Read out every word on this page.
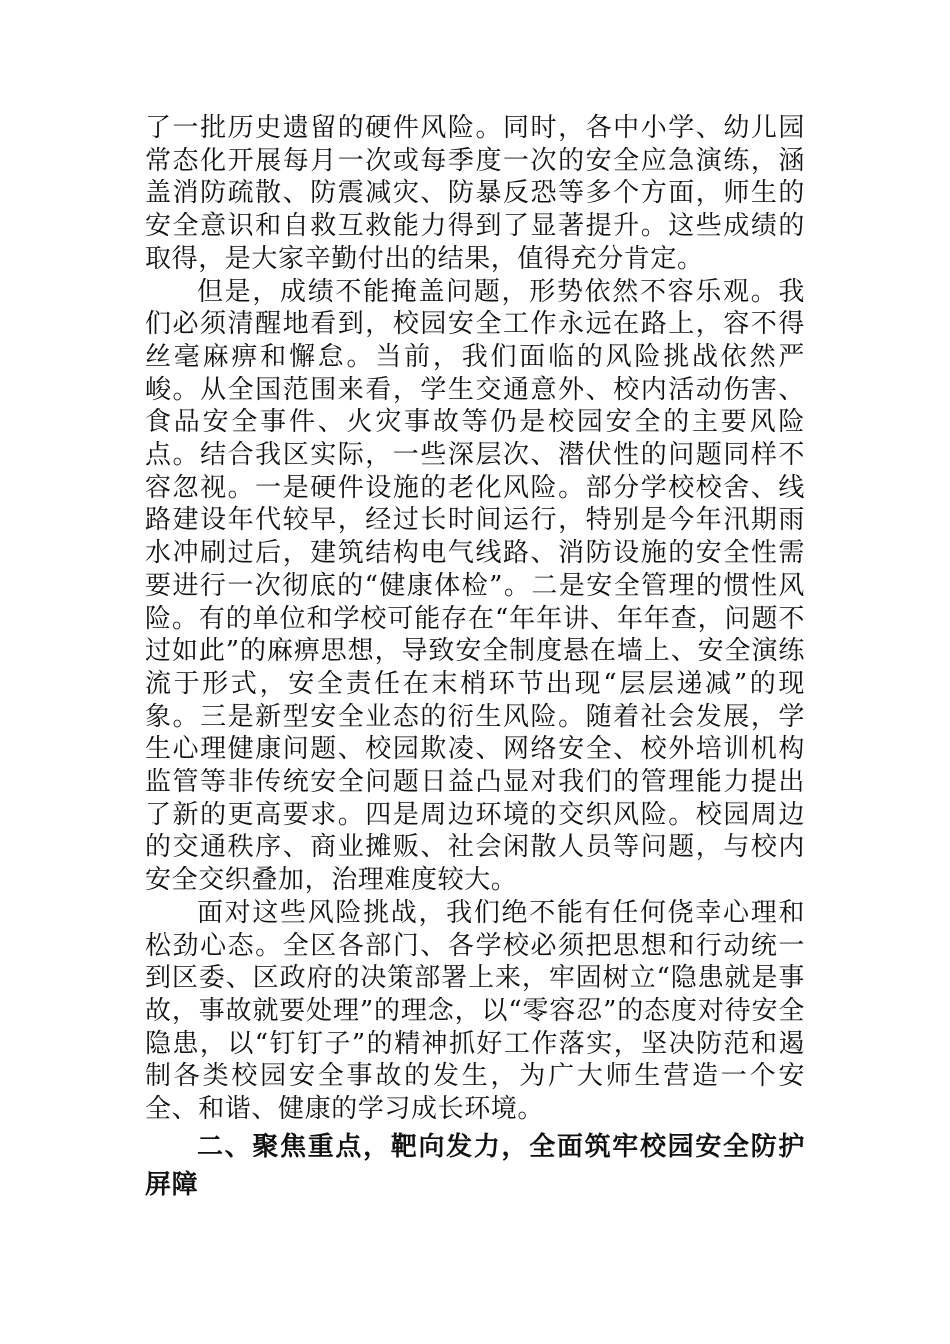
了一批历史遗留的硬件风险。同时，各中小学、幼儿园常态化开展每月一次或每季度一次的安全应急演练，涵盖消防疏散、防震减灾、防暴反恐等多个方面，师生的安全意识和自救互救能力得到了显著提升。这些成绩的取得，是大家辛勤付出的结果，值得充分肯定。

但是，成绩不能掩盖问题，形势依然不容乐观。我们必须清醒地看到，校园安全工作永远在路上，容不得丝毫麻痹和懈怠。当前，我们面临的风险挑战依然严峻。从全国范围来看，学生交通意外、校内活动伤害、食品安全事件、火灾事故等仍是校园安全的主要风险点。结合我区实际，一些深层次、潜伏性的问题同样不容忽视。一是硬件设施的老化风险。部分学校校舍、线路建设年代较早，经过长时间运行，特别是今年汛期雨水冲刷过后，建筑结构电气线路、消防设施的安全性需要进行一次彻底的“健康体检”。二是安全管理的惯性风险。有的单位和学校可能存在“年年讲、年年查，问题不过如此”的麻痹思想，导致安全制度悬在墙上、安全演练流于形式，安全责任在末梢环节出现“层层递减”的现象。三是新型安全业态的衍生风险。随着社会发展，学生心理健康问题、校园欺凌、网络安全、校外培训机构监管等非传统安全问题日益凸显对我们的管理能力提出了新的更高要求。四是周边环境的交织风险。校园周边的交通秩序、商业摊贩、社会闲散人员等问题，与校内安全交织叠加，治理难度较大。

面对这些风险挑战，我们绝不能有任何侥幸心理和松劲心态。全区各部门、各学校必须把思想和行动统一到区委、区政府的决策部署上来，牢固树立“隐患就是事故，事故就要处理”的理念，以“零容忍”的态度对待安全隐患，以“钉钉子”的精神抓好工作落实，坚决防范和遏制各类校园安全事故的发生，为广大师生营造一个安全、和谐、健康的学习成长环境。

二、聚焦重点，靶向发力，全面筑牢校园安全防护屏障
